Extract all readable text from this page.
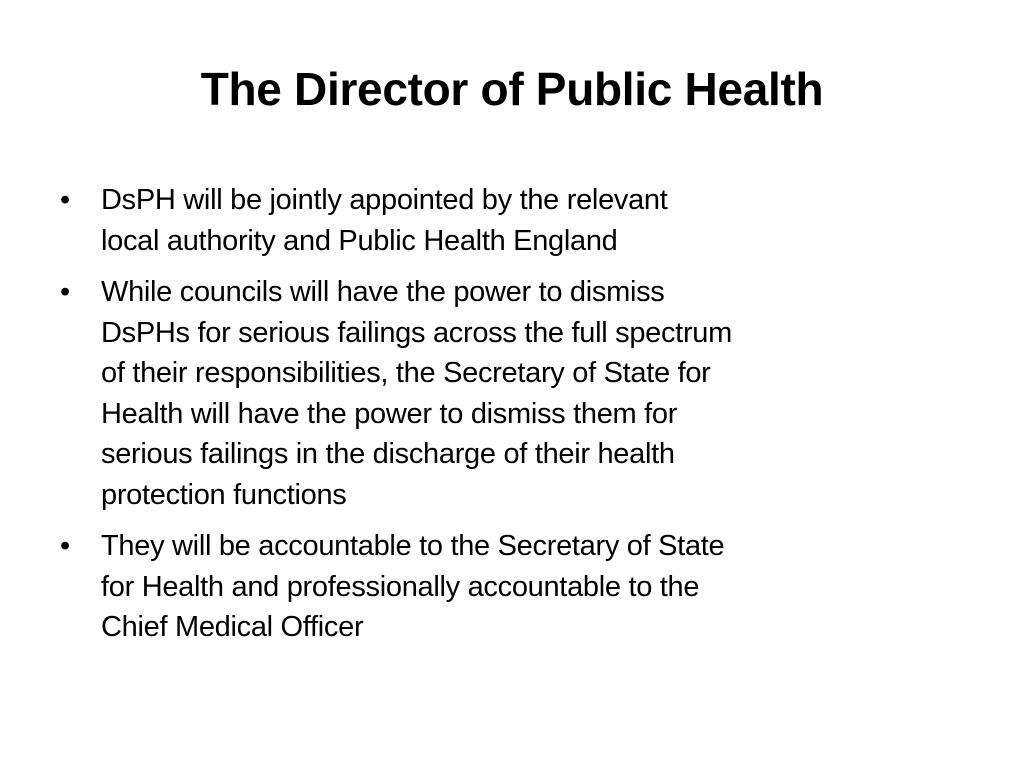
The Director of Public Health
•	DsPH will be jointly appointed by the relevant
local authority and Public Health England
•	While councils will have the power to dismiss
DsPHs for serious failings across the full spectrum
of their responsibilities, the Secretary of State for
Health will have the power to dismiss them for
serious failings in the discharge of their health
protection functions
•	They will be accountable to the Secretary of State
for Health and professionally accountable to the
Chief Medical Officer
